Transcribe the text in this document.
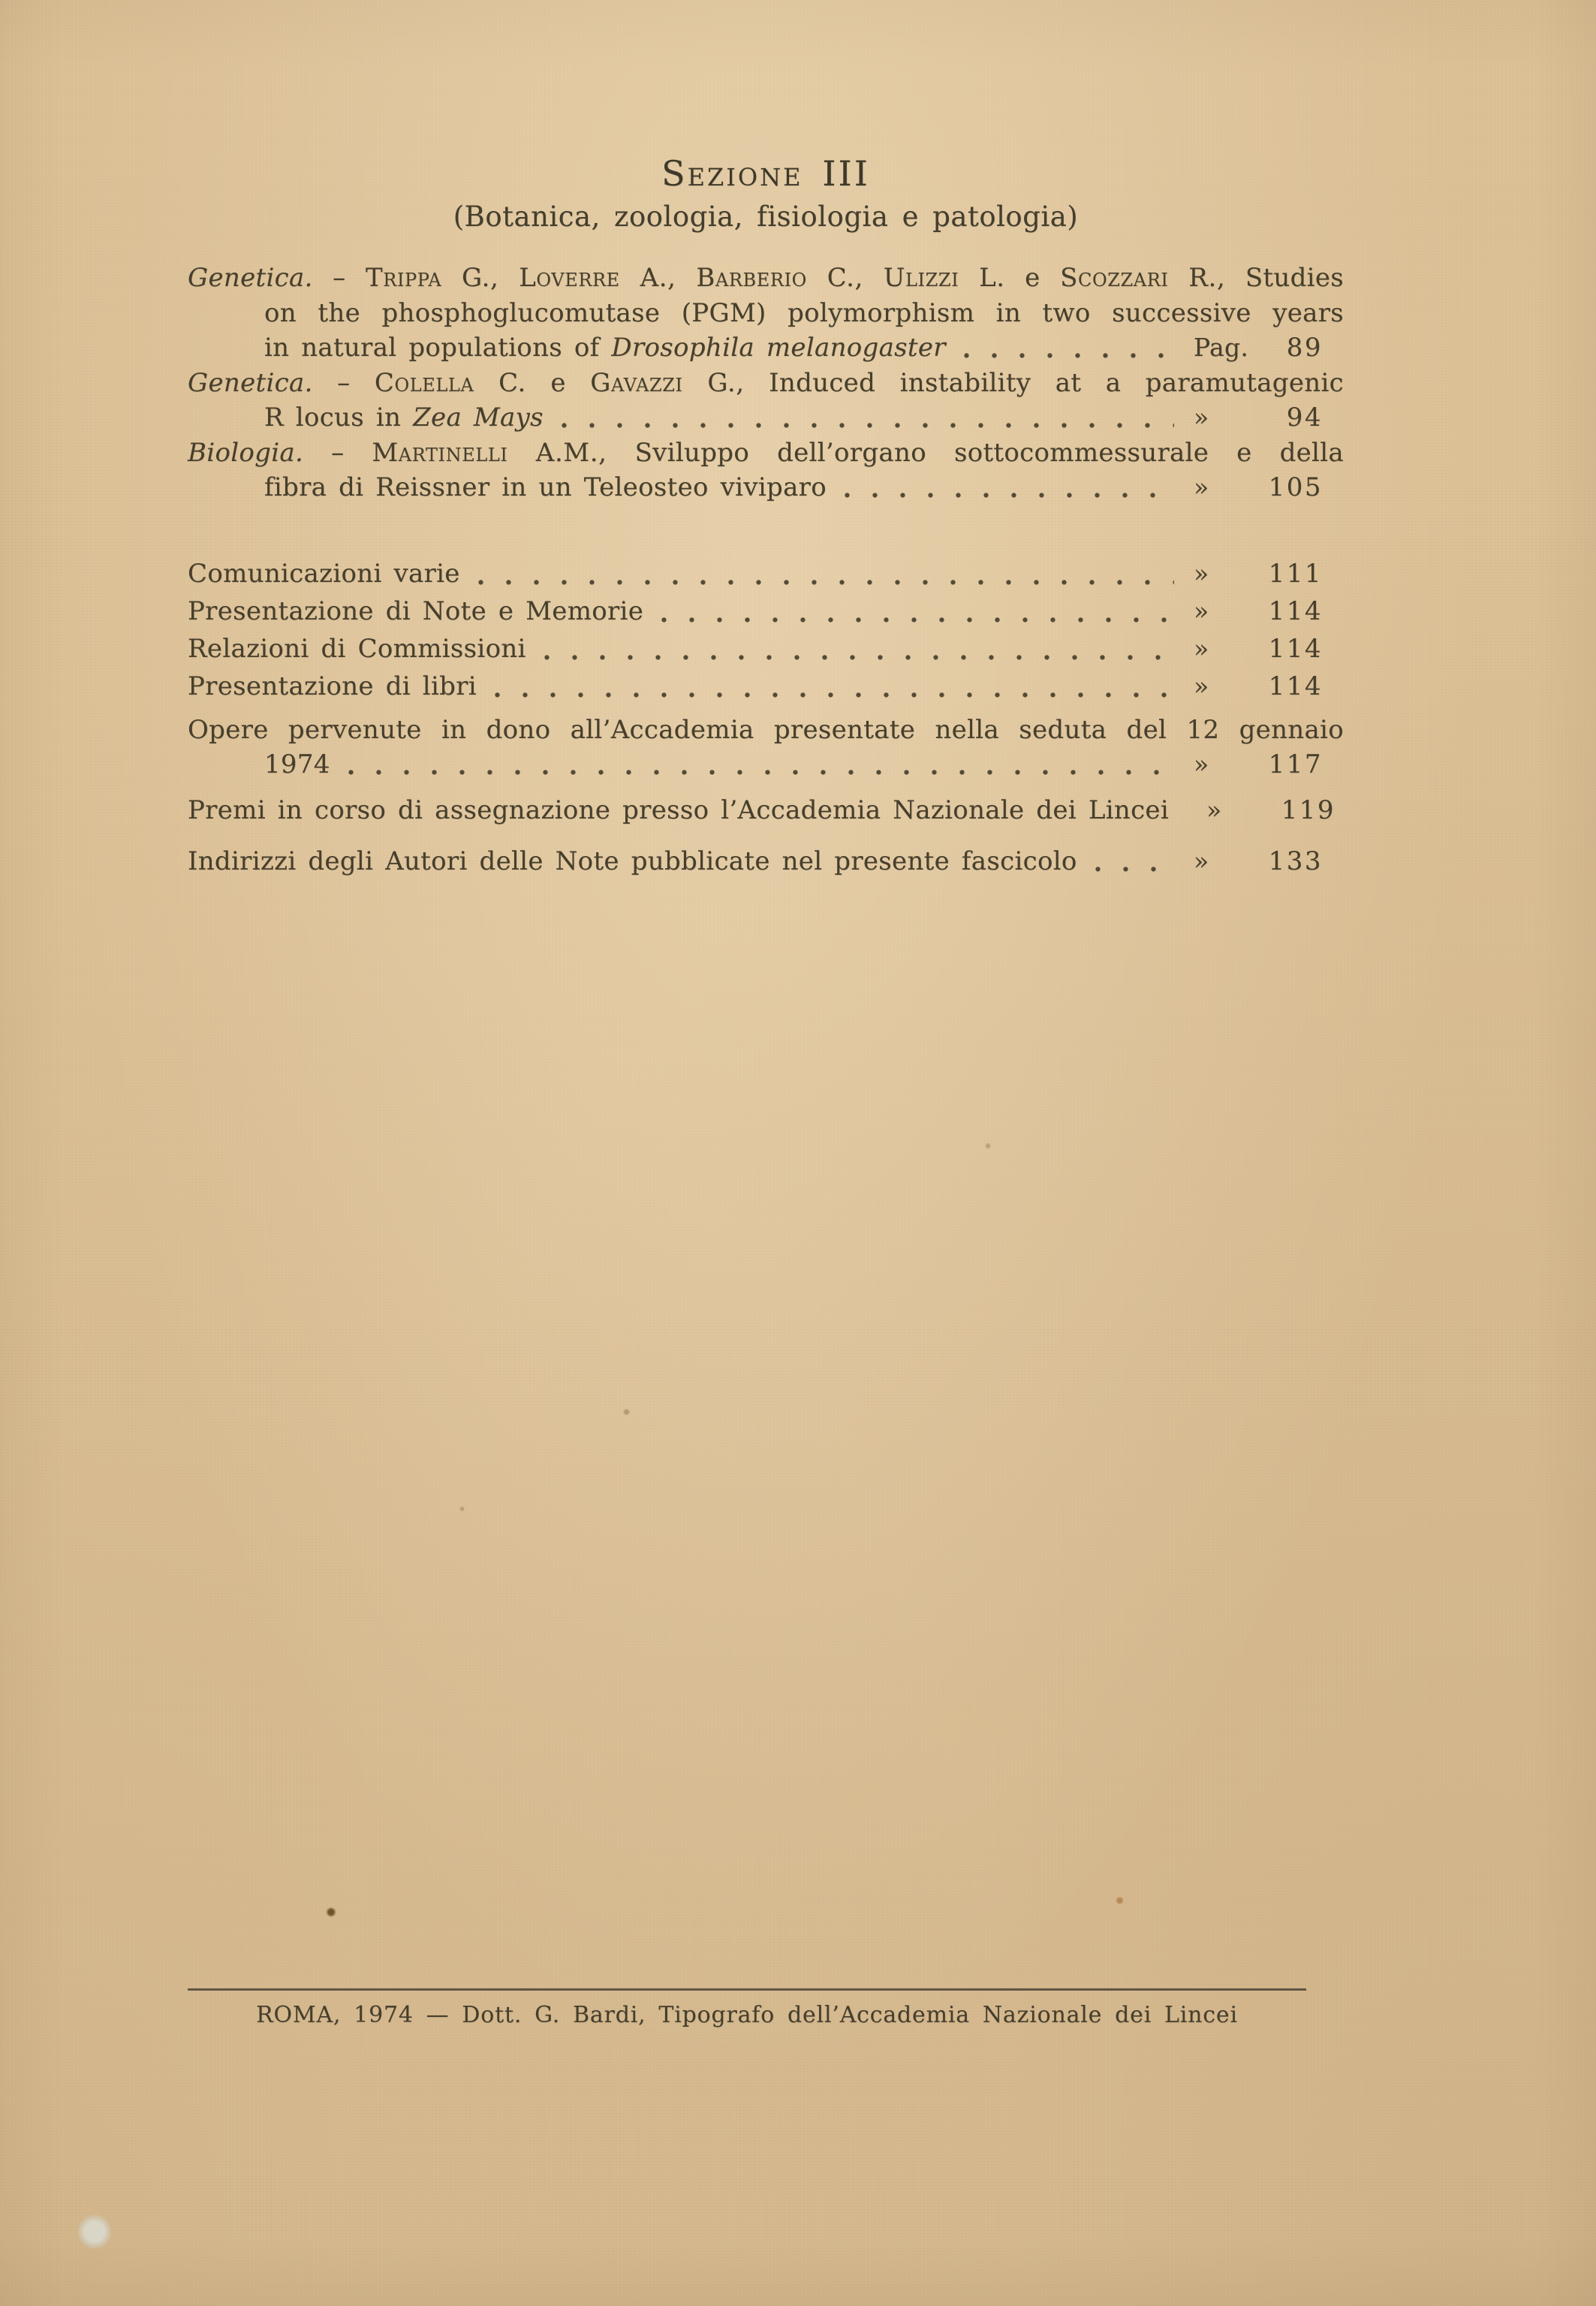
Sezione III
(Botanica, zoologia, fisiologia e patologia)
Genetica. – Trippa G., Loverre A., Barberio C., Ulizzi L. e Scozzari R., Studies
on the phosphoglucomutase (PGM) polymorphism in two successive years
in natural populations of Drosophila melanogaster	Pag.	89
Genetica. – Colella C. e Gavazzi G., Induced instability at a paramutagenic
R locus in Zea Mays	»	94
Biologia. – Martinelli A.M., Sviluppo dell’organo sottocommessurale e della
fibra di Reissner in un Teleosteo viviparo	»	105
Comunicazioni varie	»	111
Presentazione di Note e Memorie	»	114
Relazioni di Commissioni	»	114
Presentazione di libri	»	114
Opere pervenute in dono all’Accademia presentate nella seduta del 12 gennaio
1974	»	117
Premi in corso di assegnazione presso l’Accademia Nazionale dei Lincei	»	119
Indirizzi degli Autori delle Note pubblicate nel presente fascicolo	»	133
ROMA, 1974 — Dott. G. Bardi, Tipografo dell’Accademia Nazionale dei Lincei
